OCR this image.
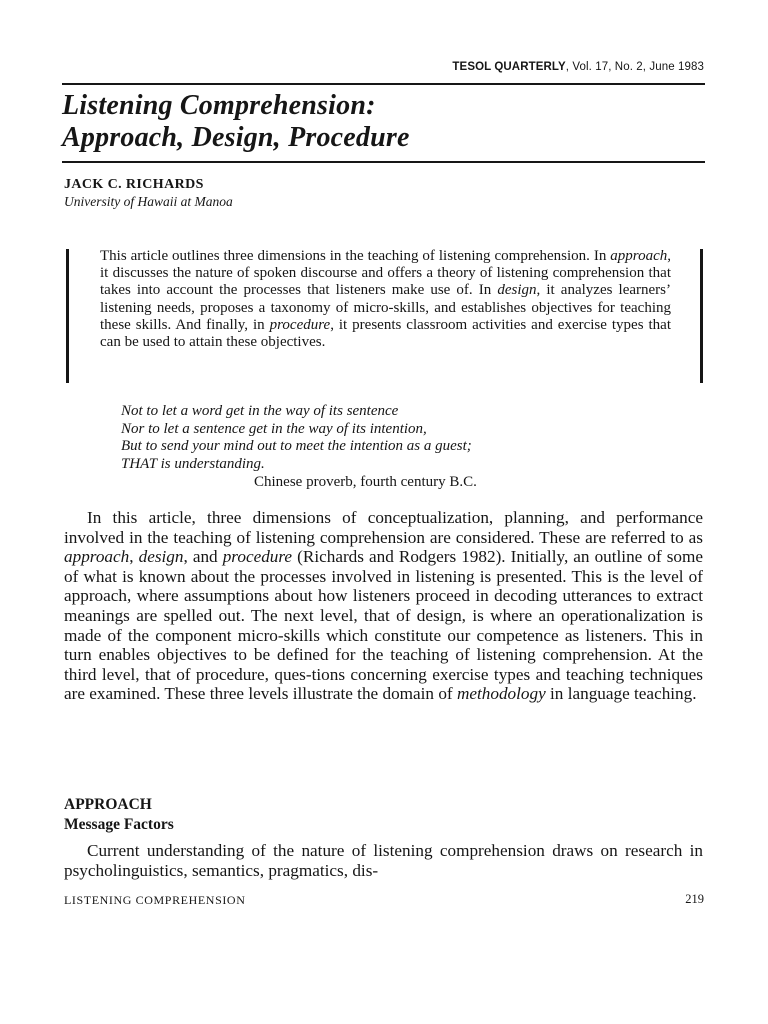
TESOL QUARTERLY, Vol. 17, No. 2, June 1983
Listening Comprehension:
Approach, Design, Procedure
JACK C. RICHARDS
University of Hawaii at Manoa

This article outlines three dimensions in the teaching of listening comprehension. In approach, it discusses the nature of spoken discourse and offers a theory of listening comprehension that takes into account the processes that listeners make use of. In design, it analyzes learners’ listening needs, proposes a taxonomy of micro-skills, and establishes objectives for teaching these skills. And finally, in procedure, it presents classroom activities and exercise types that can be used to attain these objectives.

Not to let a word get in the way of its sentence
Nor to let a sentence get in the way of its intention,
But to send your mind out to meet the intention as a guest;
THAT is understanding.

Chinese proverb, fourth century B.C.

In this article, three dimensions of conceptualization, planning, and performance involved in the teaching of listening comprehension are considered. These are referred to as approach, design, and procedure (Richards and Rodgers 1982). Initially, an outline of some of what is known about the processes involved in listening is presented. This is the level of approach, where assumptions about how listeners proceed in decoding utterances to extract meanings are spelled out. The next level, that of design, is where an operationalization is made of the component micro-skills which constitute our competence as listeners. This in turn enables objectives to be defined for the teaching of listening comprehension. At the third level, that of procedure, ques-tions concerning exercise types and teaching techniques are examined. These three levels illustrate the domain of methodology in language teaching.

APPROACH
Message Factors

Current understanding of the nature of listening comprehension draws on research in psycholinguistics, semantics, pragmatics, dis-

LISTENING COMPREHENSION	219
